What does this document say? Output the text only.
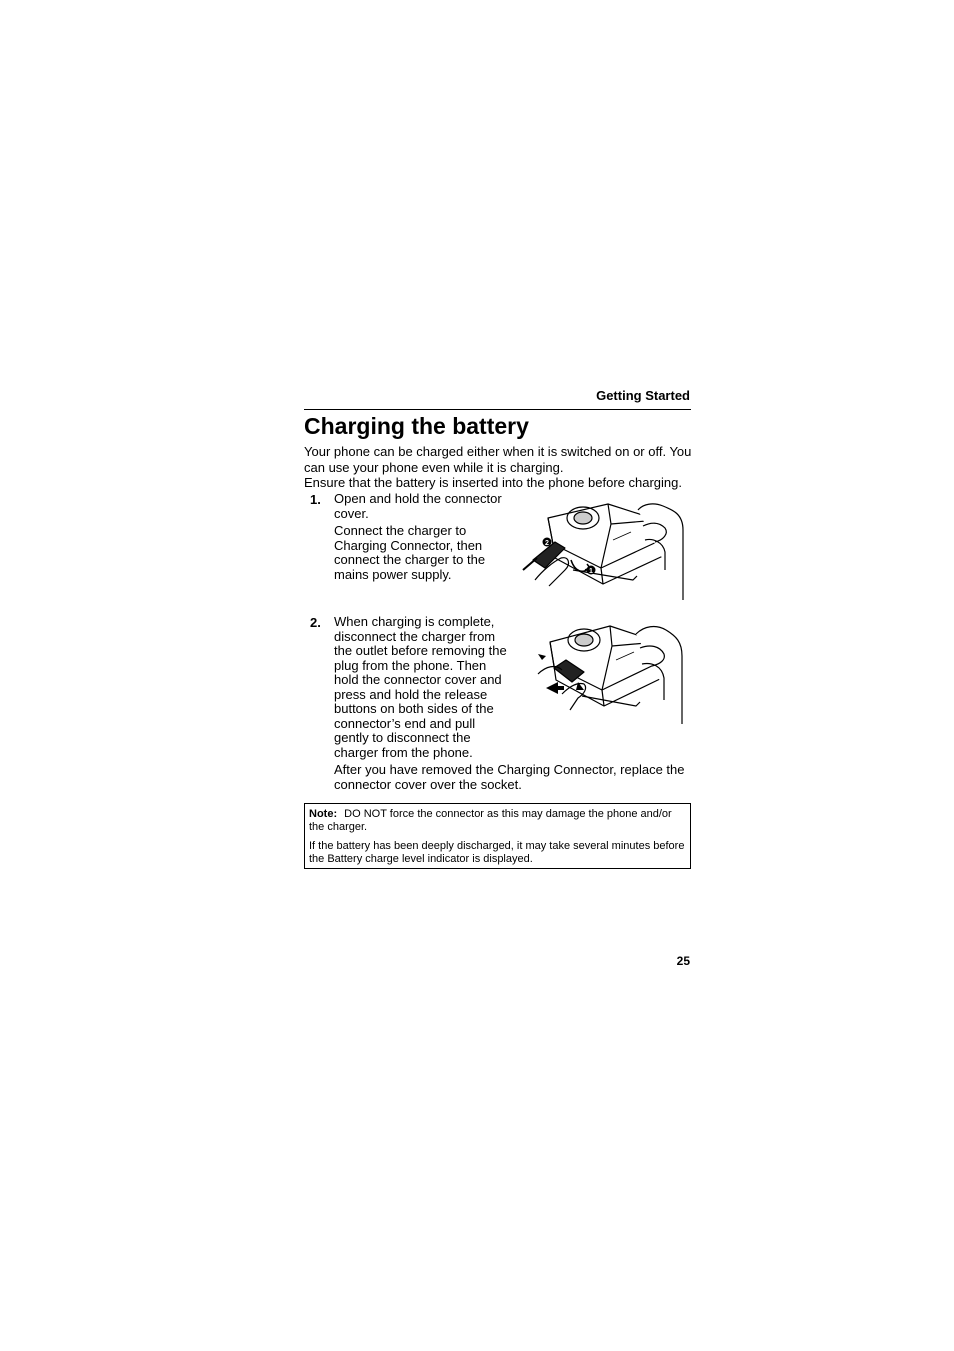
Getting Started
Charging the battery

Your phone can be charged either when it is switched on or off. You can use your phone even while it is charging.

Ensure that the battery is inserted into the phone before charging.

1. Open and hold the connector cover.

Connect the charger to Charging Connector, then connect the charger to the mains power supply.

2
1
2. When charging is complete, disconnect the charger from the outlet before removing the plug from the phone. Then hold the connector cover and press and hold the release buttons on both sides of the connector’s end and pull gently to disconnect the charger from the phone.

After you have removed the Charging Connector, replace the connector cover over the socket.

Note: DO NOT force the connector as this may damage the phone and/or the charger.

If the battery has been deeply discharged, it may take several minutes before the Battery charge level indicator is displayed.

25
